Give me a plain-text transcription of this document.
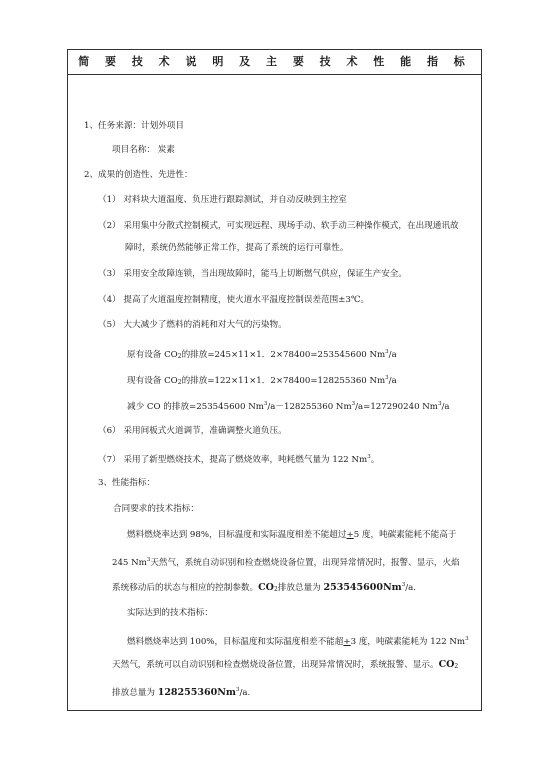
简 要 技 术 说 明 及 主 要 技 术 性 能 指 标
1、任务来源：计划外项目
项目名称： 炭素
2、成果的创造性、先进性：
（1） 对料块大道温度、负压进行跟踪测试，并自动反映到主控室
（2） 采用集中分散式控制模式，可实现远程、现场手动、软手动三种操作模式，在出现通讯故
障时，系统仍然能够正常工作，提高了系统的运行可靠性。
（3） 采用安全故障连锁，当出现故障时，能马上切断燃气供应，保证生产安全。
（4） 提高了火道温度控制精度，使火道水平温度控制误差范围±3℃。
（5） 大大减少了燃料的消耗和对大气的污染物。
原有设备 $CO_2$的排放=245×11×1．2×78400=253545600 Nm$^3$/a
现有设备 $CO_2$的排放=122×11×1．2×78400=128255360 Nm$^3$/a
减少 CO 的排放=253545600 $Nm^3/a-128255360$ $Nm^3/a=127290240$ Nm$^3$/a
（6） 采用间板式火道调节，准确调整火道负压。
（7） 采用了新型燃烧技术，提高了燃烧效率，吨耗燃气量为 122 Nm$^3$。
3、性能指标：
合同要求的技术指标：
燃料燃烧率达到 98%，目标温度和实际温度相差不能超过+5 度，吨碳素能耗不能高于
245 Nm$^3$天然气，系统自动识别和检查燃烧设备位置，出现异常情况时，报警、显示，火焰
系统移动后的状态与相应的控制参数。$CO_2$排放总量为 253545600Nm$^3$/a.
实际达到的技术指标：
燃料燃烧率达到 100%，目标温度和实际温度相差不能超+3 度，吨碳素能耗为 122 Nm$^3$
天然气，系统可以自动识别和检查燃烧设备位置，出现异常情况时，系统报警、显示。$CO_2$
排放总量为 128255360Nm$^3$/a.
